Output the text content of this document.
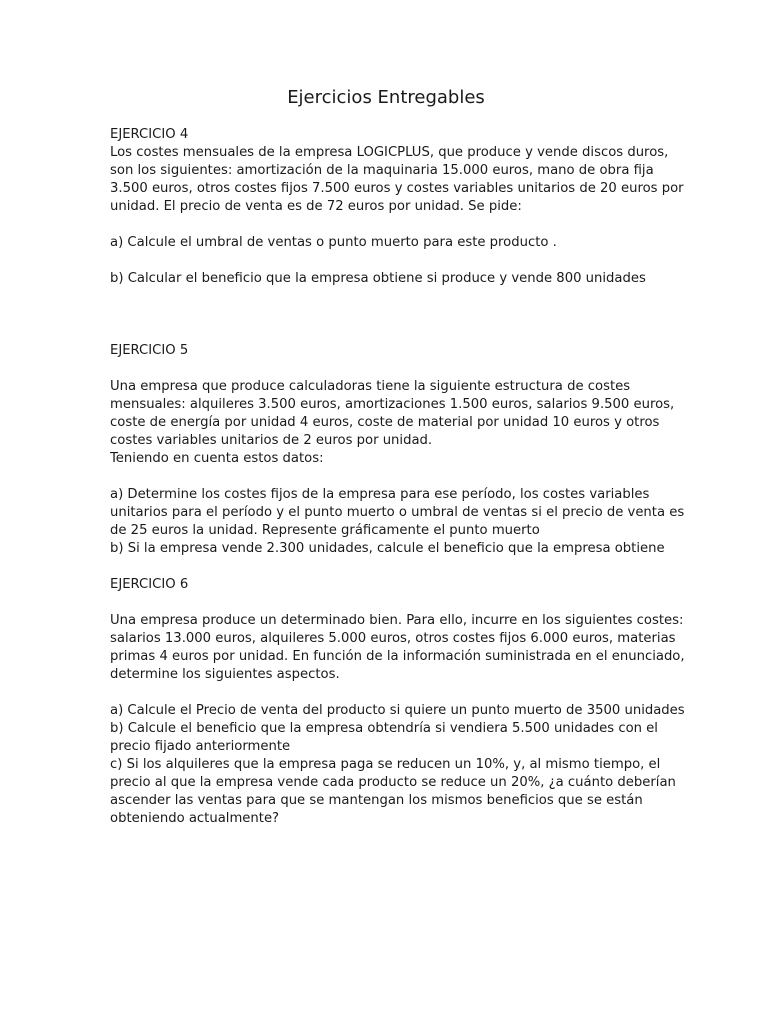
Ejercicios Entregables

EJERCICIO 4

Los costes mensuales de la empresa LOGICPLUS, que produce y vende discos duros,

son los siguientes: amortización de la maquinaria 15.000 euros, mano de obra fija

3.500 euros, otros costes fijos 7.500 euros y costes variables unitarios de 20 euros por

unidad. El precio de venta es de 72 euros por unidad. Se pide:

a) Calcule el umbral de ventas o punto muerto para este producto .

b) Calcular el beneficio que la empresa obtiene si produce y vende 800 unidades

EJERCICIO 5

Una empresa que produce calculadoras tiene la siguiente estructura de costes

mensuales: alquileres 3.500 euros, amortizaciones 1.500 euros, salarios 9.500 euros,

coste de energía por unidad 4 euros, coste de material por unidad 10 euros y otros

costes variables unitarios de 2 euros por unidad.

Teniendo en cuenta estos datos:

a) Determine los costes fijos de la empresa para ese período, los costes variables

unitarios para el período y el punto muerto o umbral de ventas si el precio de venta es

de 25 euros la unidad. Represente gráficamente el punto muerto

b) Si la empresa vende 2.300 unidades, calcule el beneficio que la empresa obtiene

EJERCICIO 6

Una empresa produce un determinado bien. Para ello, incurre en los siguientes costes:

salarios 13.000 euros, alquileres 5.000 euros, otros costes fijos 6.000 euros, materias

primas 4 euros por unidad. En función de la información suministrada en el enunciado,

determine los siguientes aspectos.

a) Calcule el Precio de venta del producto si quiere un punto muerto de 3500 unidades

b) Calcule el beneficio que la empresa obtendría si vendiera 5.500 unidades con el

precio fijado anteriormente

c) Si los alquileres que la empresa paga se reducen un 10%, y, al mismo tiempo, el

precio al que la empresa vende cada producto se reduce un 20%, ¿a cuánto deberían

ascender las ventas para que se mantengan los mismos beneficios que se están

obteniendo actualmente?
